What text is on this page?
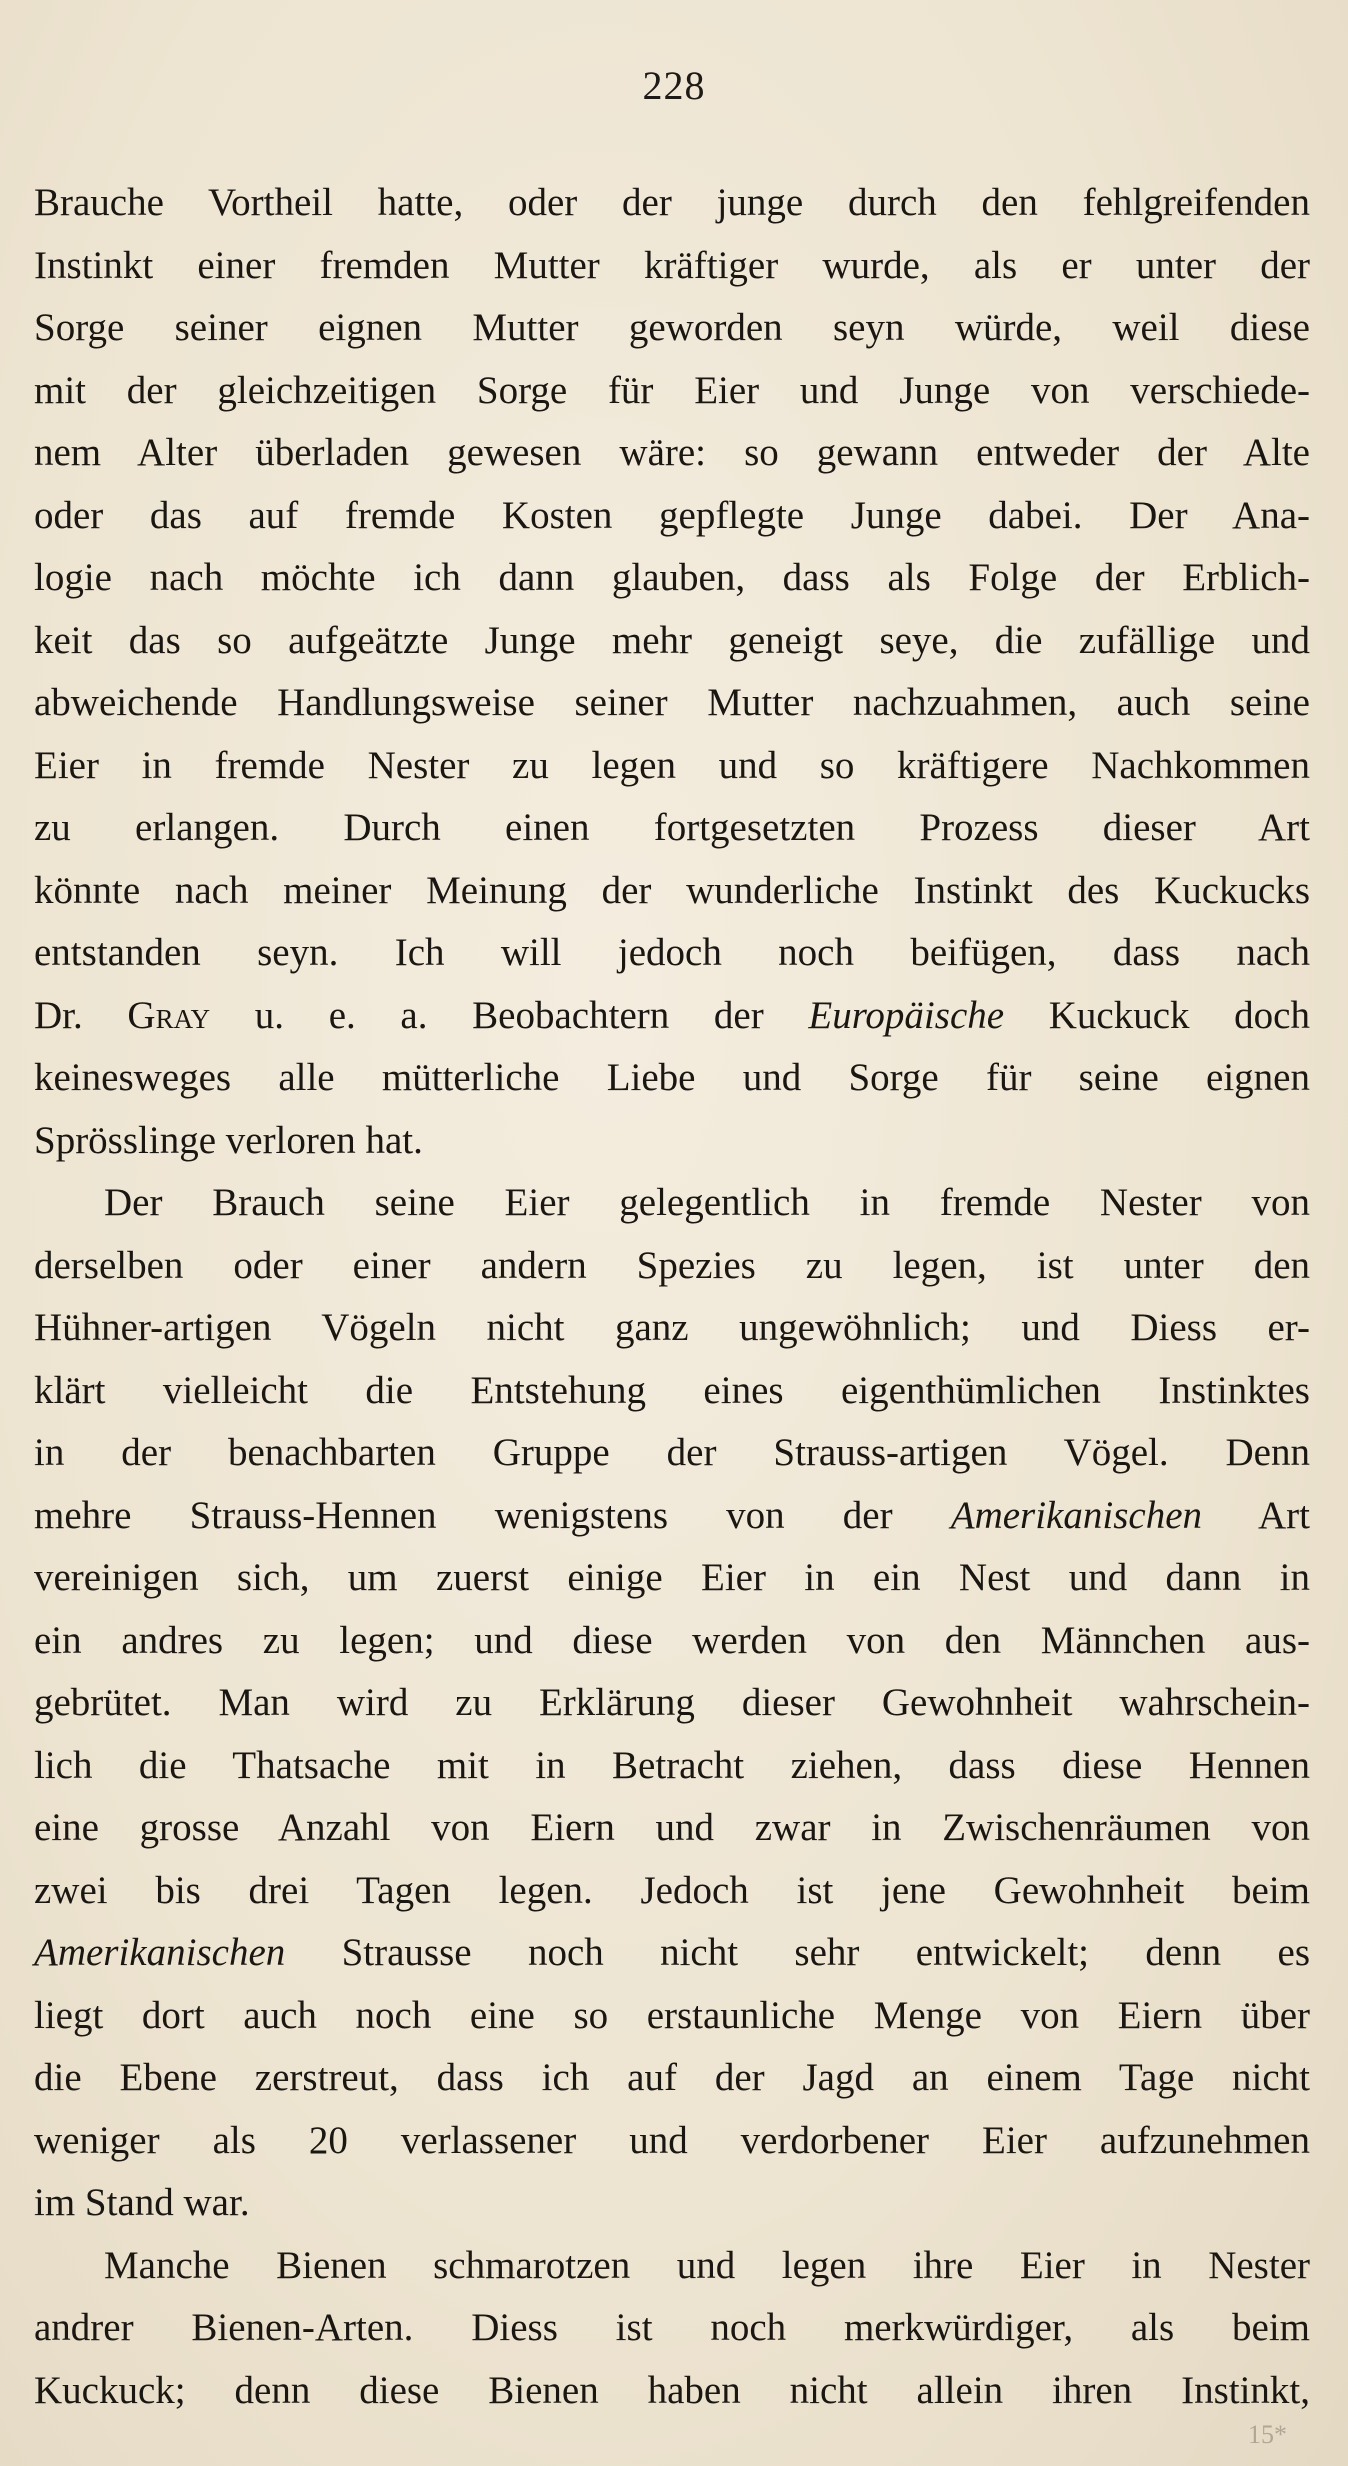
228
Brauche Vortheil hatte, oder der junge durch den fehlgreifenden
Instinkt einer fremden Mutter kräftiger wurde, als er unter der
Sorge seiner eignen Mutter geworden seyn würde, weil diese
mit der gleichzeitigen Sorge für Eier und Junge von verschiede-
nem Alter überladen gewesen wäre: so gewann entweder der Alte
oder das auf fremde Kosten gepflegte Junge dabei. Der Ana-
logie nach möchte ich dann glauben, dass als Folge der Erblich-
keit das so aufgeätzte Junge mehr geneigt seye, die zufällige und
abweichende Handlungsweise seiner Mutter nachzuahmen, auch seine
Eier in fremde Nester zu legen und so kräftigere Nachkommen
zu erlangen. Durch einen fortgesetzten Prozess dieser Art
könnte nach meiner Meinung der wunderliche Instinkt des Kuckucks
entstanden seyn. Ich will jedoch noch beifügen, dass nach
Dr. Gray u. e. a. Beobachtern der Europäische Kuckuck doch
keinesweges alle mütterliche Liebe und Sorge für seine eignen
Sprösslinge verloren hat.
Der Brauch seine Eier gelegentlich in fremde Nester von
derselben oder einer andern Spezies zu legen, ist unter den
Hühner-artigen Vögeln nicht ganz ungewöhnlich; und Diess er-
klärt vielleicht die Entstehung eines eigenthümlichen Instinktes
in der benachbarten Gruppe der Strauss-artigen Vögel. Denn
mehre Strauss-Hennen wenigstens von der Amerikanischen Art
vereinigen sich, um zuerst einige Eier in ein Nest und dann in
ein andres zu legen; und diese werden von den Männchen aus-
gebrütet. Man wird zu Erklärung dieser Gewohnheit wahrschein-
lich die Thatsache mit in Betracht ziehen, dass diese Hennen
eine grosse Anzahl von Eiern und zwar in Zwischenräumen von
zwei bis drei Tagen legen. Jedoch ist jene Gewohnheit beim
Amerikanischen Strausse noch nicht sehr entwickelt; denn es
liegt dort auch noch eine so erstaunliche Menge von Eiern über
die Ebene zerstreut, dass ich auf der Jagd an einem Tage nicht
weniger als 20 verlassener und verdorbener Eier aufzunehmen
im Stand war.
Manche Bienen schmarotzen und legen ihre Eier in Nester
andrer Bienen-Arten. Diess ist noch merkwürdiger, als beim
Kuckuck; denn diese Bienen haben nicht allein ihren Instinkt,
15*
